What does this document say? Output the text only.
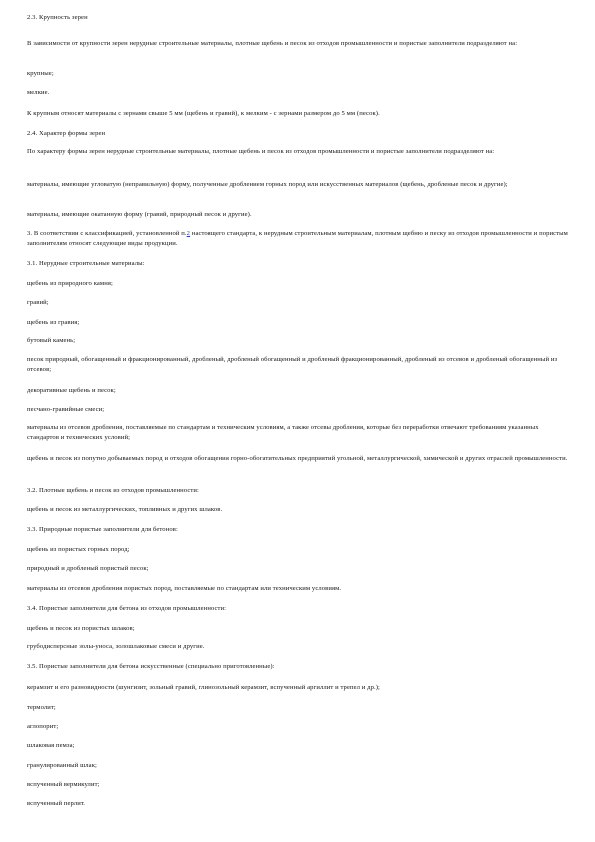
2.3. Крупность зерен

В зависимости от крупности зерен нерудные строительные материалы, плотные щебень и песок из отходов промышленности и пористые заполнители подразделяют на:

крупные;

мелкие.

К крупным относят материалы с зернами свыше 5 мм (щебень и гравий), к мелким - с зернами размером до 5 мм (песок).

2.4. Характер формы зерен

По характеру формы зерен нерудные строительные материалы, плотные щебень и песок из отходов промышленности и пористые заполнители подразделяют на:

материалы, имеющие угловатую (неправильную) форму, полученные дроблением горных пород или искусственных материалов (щебень, дробленые песок и другие);

материалы, имеющие окатанную форму (гравий, природный песок и другие).

3. В соответствии с классификацией, установленной п.2 настоящего стандарта, к нерудным строительным материалам, плотным щебню и песку из отходов промышленности и пористым заполнителям относят следующие виды продукции.

3.1. Нерудные строительные материалы:

щебень из природного камня;

гравий;

щебень из гравия;

бутовый камень;

песок природный, обогащенный и фракционированный, дробленый, дробленый обогащенный и дробленый фракционированный, дробленый из отсевов и дробленый обогащенный из отсевов;

декоративные щебень и песок;

песчано-гравийные смеси;

материалы из отсевов дробления, поставляемые по стандартам и техническим условиям, а также отсевы дробления, которые без переработки отвечают требованиям указанных стандартов и технических условий;

щебень и песок из попутно добываемых пород и отходов обогащения горно-обогатительных предприятий угольной, металлургической, химической и других отраслей промышленности.

3.2. Плотные щебень и песок из отходов промышленности:

щебень и песок из металлургических, топливных и других шлаков.

3.3. Природные пористые заполнители для бетонов:

щебень из пористых горных пород;

природный и дробленый пористый песок;

материалы из отсевов дробления пористых пород, поставляемые по стандартам или техническим условиям.

3.4. Пористые заполнители для бетона из отходов промышленности:

щебень и песок из пористых шлаков;

грубодисперсные золы-уноса, золошлаковые смеси и другие.

3.5. Пористые заполнители для бетона искусственные (специально приготовленные):

керамзит и его разновидности (шунгизит, зольный гравий, глинозольный керамзит, вспученный аргиллит и трепел и др.);

термолит;

аглопорит;

шлаковая пемза;

гранулированный шлак;

вспученный вермикулит;

вспученный перлит.
